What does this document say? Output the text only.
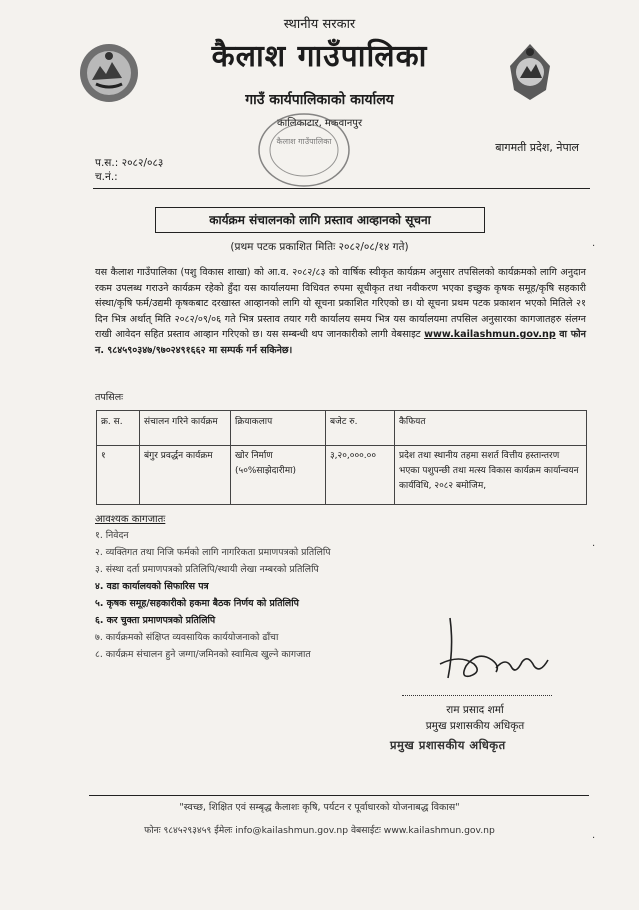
स्थानीय सरकार
कैलाश गाउँपालिका
गाउँ कार्यपालिकाको कार्यालय
कालिकाटार, मकवानपुर
बागमती प्रदेश, नेपाल
प.स.: २०८२/०८३
च.नं.:
कैलाश गाउँपालिका
कार्यक्रम संचालनको लागि प्रस्ताव आव्हानको सूचना
(प्रथम पटक प्रकाशित मितिः २०८२/०८/१४ गते)
यस कैलाश गाउँपालिका (पशु विकास शाखा) को आ.व. २०८२/८३ को वार्षिक स्वीकृत कार्यक्रम अनुसार तपसिलको कार्यक्रमको लागि अनुदान रकम उपलब्ध गराउने कार्यक्रम रहेको हुँदा यस कार्यालयमा विधिवत रुपमा सूचीकृत तथा नवीकरण भएका इच्छुक कृषक समूह/कृषि सहकारी संस्था/कृषि फर्म/उद्यमी कृषकबाट दरखास्त आव्हानको लागि यो सूचना प्रकाशित गरिएको छ। यो सूचना प्रथम पटक प्रकाशन भएको मितिले २१ दिन भित्र अर्थात् मिति २०८२/०९/०६ गते भित्र प्रस्ताव तयार गरी कार्यालय समय भित्र यस कार्यालयमा तपसिल अनुसारका कागजातहरु संलग्न राखी आवेदन सहित प्रस्ताव आव्हान गरिएको छ। यस सम्बन्धी थप जानकारीको लागी वेबसाइट www.kailashmun.gov.np वा फोन न. ९८४५९०३४७/९७०२४९१६६२ मा सम्पर्क गर्न सकिनेछ।
तपसिलः
क्र. स.	संचालन गरिने कार्यक्रम	क्रियाकलाप	बजेट रु.	कैफियत
१	बंगुर प्रवर्द्धन कार्यक्रम	खोर निर्माण (५०%साझेदारीमा)	३,२०,०००.००	प्रदेश तथा स्थानीय तहमा सशर्त वित्तीय हस्तान्तरण भएका पशुपन्छी तथा मत्स्य विकास कार्यक्रम कार्यान्वयन कार्यविधि, २०८२ बमोजिम,
आवश्यक कागजातः
१. निवेदन
२. व्यक्तिगत तथा निजि फर्मको लागि नागरिकता प्रमाणपत्रको प्रतिलिपि
३. संस्था दर्ता प्रमाणपत्रको प्रतिलिपि/स्थायी लेखा नम्बरको प्रतिलिपि
४. वडा कार्यालयको सिफारिस पत्र
५. कृषक समूह/सहकारीको हकमा बैठक निर्णय को प्रतिलिपि
६. कर चुक्ता प्रमाणपत्रको प्रतिलिपि
७. कार्यक्रमको संक्षिप्त व्यवसायिक कार्ययोजनाको ढाँचा
८. कार्यक्रम संचालन हुने जग्गा/जमिनको स्वामित्व खुल्ने कागजात
राम प्रसाद शर्मा
प्रमुख प्रशासकीय अधिकृत
प्रमुख प्रशासकीय अधिकृत
"स्वच्छ, शिक्षित एवं सम्बृद्ध कैलाशः कृषि, पर्यटन र पूर्वाधारको योजनाबद्ध विकास"
फोनः ९८४५२९३४५९ ईमेलः info@kailashmun.gov.np वेबसाईटः www.kailashmun.gov.np
·
·
·
